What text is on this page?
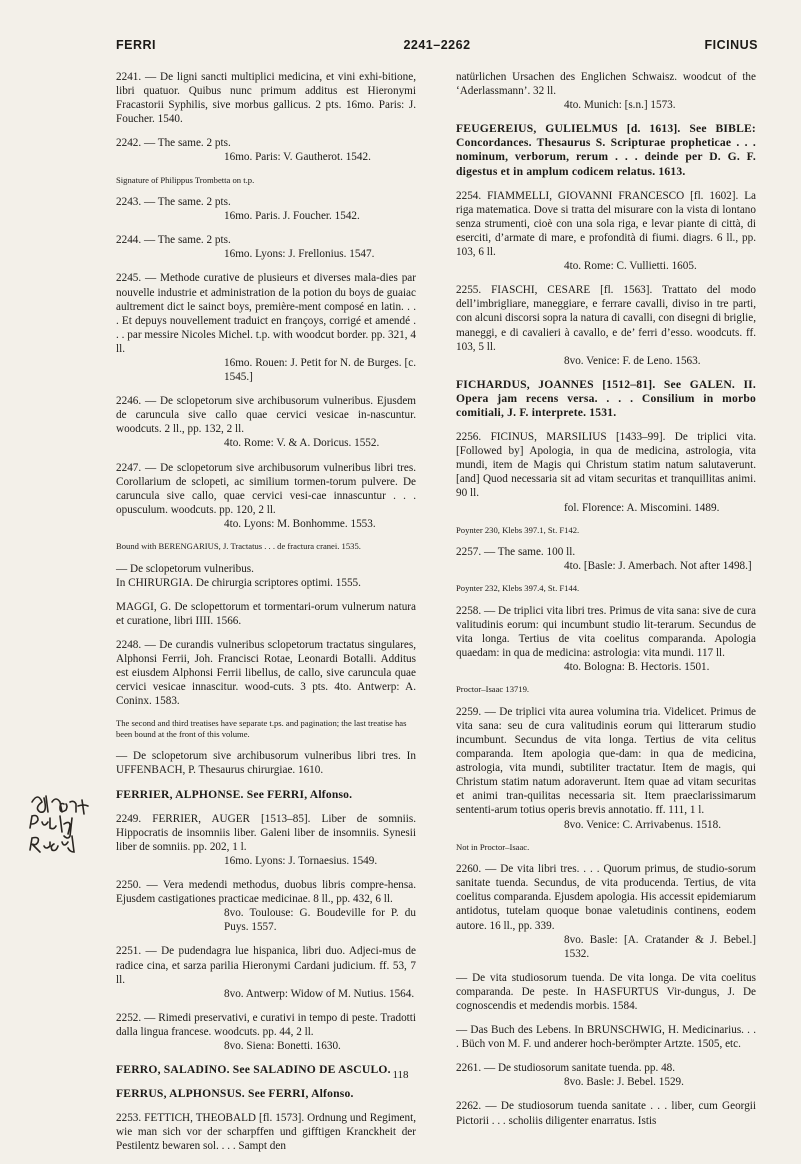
FERRI	2241–2262	FICINUS
2241. — De ligni sancti multiplici medicina, et vini exhi-bitione, libri quatuor. Quibus nunc primum additus est Hieronymi Fracastorii Syphilis, sive morbus gallicus. 2 pts. 16mo. Paris: J. Foucher. 1540.
2242. — The same. 2 pts.
16mo. Paris: V. Gautherot. 1542.
Signature of Philippus Trombetta on t.p.
2243. — The same. 2 pts.
16mo. Paris. J. Foucher. 1542.
2244. — The same. 2 pts.
16mo. Lyons: J. Frellonius. 1547.
2245. — Methode curative de plusieurs et diverses mala-dies par nouvelle industrie et administration de la potion du boys de guaiac aultrement dict le sainct boys, première-ment composé en latin. . . . Et depuys nouvellement traduict en françoys, corrigé et amendé . . . par messire Nicoles Michel. t.p. with woodcut border. pp. 321, 4 ll.
16mo. Rouen: J. Petit for N. de Burges. [c. 1545.]
2246. — De sclopetorum sive archibusorum vulneribus. Ejusdem de caruncula sive callo quae cervici vesicae in-nascuntur. woodcuts. 2 ll., pp. 132, 2 ll.
4to. Rome: V. & A. Doricus. 1552.
2247. — De sclopetorum sive archibusorum vulneribus libri tres. Corollarium de sclopeti, ac similium tormen-torum pulvere. De caruncula sive callo, quae cervici vesi-cae innascuntur . . . opusculum. woodcuts. pp. 120, 2 ll.
4to. Lyons: M. Bonhomme. 1553.
Bound with BERENGARIUS, J. Tractatus . . . de fractura cranei. 1535.
— De sclopetorum vulneribus.
In CHIRURGIA. De chirurgia scriptores optimi. 1555.
MAGGI, G. De sclopettorum et tormentari-orum vulnerum natura et curatione, libri IIII. 1566.
2248. — De curandis vulneribus sclopetorum tractatus singulares, Alphonsi Ferrii, Joh. Francisci Rotae, Leonardi Botalli. Additus est eiusdem Alphonsi Ferrii libellus, de callo, sive caruncula quae cervici vesicae innascitur. wood-cuts. 3 pts. 4to. Antwerp: A. Coninx. 1583.
The second and third treatises have separate t.ps. and pagination; the last treatise has been bound at the front of this volume.
— De sclopetorum sive archibusorum vulneribus libri tres. In UFFENBACH, P. Thesaurus chirurgiae. 1610.
FERRIER, ALPHONSE. See FERRI, Alfonso.
2249. FERRIER, AUGER [1513–85]. Liber de somniis. Hippocratis de insomniis liber. Galeni liber de insomniis. Synesii liber de somniis. pp. 202, 1 l.
16mo. Lyons: J. Tornaesius. 1549.
2250. — Vera medendi methodus, duobus libris compre-hensa. Ejusdem castigationes practicae medicinae. 8 ll., pp. 432, 6 ll.
8vo. Toulouse: G. Boudeville for P. du Puys. 1557.
2251. — De pudendagra lue hispanica, libri duo. Adjeci-mus de radice cina, et sarza parilia Hieronymi Cardani judicium. ff. 53, 7 ll.
8vo. Antwerp: Widow of M. Nutius. 1564.
2252. — Rimedi preservativi, e curativi in tempo di peste. Tradotti dalla lingua francese. woodcuts. pp. 44, 2 ll.
8vo. Siena: Bonetti. 1630.
FERRO, SALADINO. See SALADINO DE ASCULO.
FERRUS, ALPHONSUS. See FERRI, Alfonso.
2253. FETTICH, THEOBALD [fl. 1573]. Ordnung und Regiment, wie man sich vor der scharpffen und gifftigen Kranckheit der Pestilentz bewaren sol. . . . Sampt den
natürlichen Ursachen des Englichen Schwaisz. woodcut of the ‘Aderlassmann’. 32 ll.
4to. Munich: [s.n.] 1573.
FEUGEREIUS, GULIELMUS [d. 1613]. See BIBLE: Concordances. Thesaurus S. Scripturae propheticae . . . nominum, verborum, rerum . . . deinde per D. G. F. digestus et in amplum codicem relatus. 1613.
2254. FIAMMELLI, GIOVANNI FRANCESCO [fl. 1602]. La riga matematica. Dove si tratta del misurare con la vista di lontano senza strumenti, cioè con una sola riga, e levar piante di città, di eserciti, d’armate di mare, e profondità di fiumi. diagrs. 6 ll., pp. 103, 6 ll.
4to. Rome: C. Vullietti. 1605.
2255. FIASCHI, CESARE [fl. 1563]. Trattato del modo dell’imbrigliare, maneggiare, e ferrare cavalli, diviso in tre parti, con alcuni discorsi sopra la natura di cavalli, con disegni di briglie, maneggi, e di cavalieri à cavallo, e de’ ferri d’esso. woodcuts. ff. 103, 5 ll.
8vo. Venice: F. de Leno. 1563.
FICHARDUS, JOANNES [1512–81]. See GALEN. II. Opera jam recens versa. . . . Consilium in morbo comitiali, J. F. interprete. 1531.
2256. FICINUS, MARSILIUS [1433–99]. De triplici vita. [Followed by] Apologia, in qua de medicina, astrologia, vita mundi, item de Magis qui Christum statim natum salutaverunt. [and] Quod necessaria sit ad vitam securitas et tranquillitas animi. 90 ll.
fol. Florence: A. Miscomini. 1489.
Poynter 230, Klebs 397.1, St. F142.
2257. — The same. 100 ll.
4to. [Basle: J. Amerbach. Not after 1498.]
Poynter 232, Klebs 397.4, St. F144.
2258. — De triplici vita libri tres. Primus de vita sana: sive de cura valitudinis eorum: qui incumbunt studio lit-terarum. Secundus de vita longa. Tertius de vita coelitus comparanda. Apologia quaedam: in qua de medicina: astrologia: vita mundi. 117 ll.
4to. Bologna: B. Hectoris. 1501.
Proctor–Isaac 13719.
2259. — De triplici vita aurea volumina tria. Videlicet. Primus de vita sana: seu de cura valitudinis eorum qui litterarum studio incumbunt. Secundus de vita longa. Tertius de vita celitus comparanda. Item apologia que-dam: in qua de medicina, astrologia, vita mundi, subtiliter tractatur. Item de magis, qui Christum statim natum adoraverunt. Item quae ad vitam securitas et animi tran-quilitas necessaria sit. Item praeclarissimarum sententi-arum totius operis brevis annotatio. ff. 111, 1 l.
8vo. Venice: C. Arrivabenus. 1518.
Not in Proctor–Isaac.
2260. — De vita libri tres. . . . Quorum primus, de studio-sorum sanitate tuenda. Secundus, de vita producenda. Tertius, de vita coelitus comparanda. Ejusdem apologia. His accessit epidemiarum antidotus, tutelam quoque bonae valetudinis continens, eodem autore. 16 ll., pp. 339.
8vo. Basle: [A. Cratander & J. Bebel.] 1532.
— De vita studiosorum tuenda. De vita longa. De vita coelitus comparanda. De peste. In HASFURTUS Vir-dungus, J. De cognoscendis et medendis morbis. 1584.
— Das Buch des Lebens. In BRUNSCHWIG, H. Medicinarius. . . . Büch von M. F. und anderer hoch-berömpter Artzte. 1505, etc.
2261. — De studiosorum sanitate tuenda. pp. 48.
8vo. Basle: J. Bebel. 1529.
2262. — De studiosorum tuenda sanitate . . . liber, cum Georgii Pictorii . . . scholiis diligenter enarratus. Istis
118
